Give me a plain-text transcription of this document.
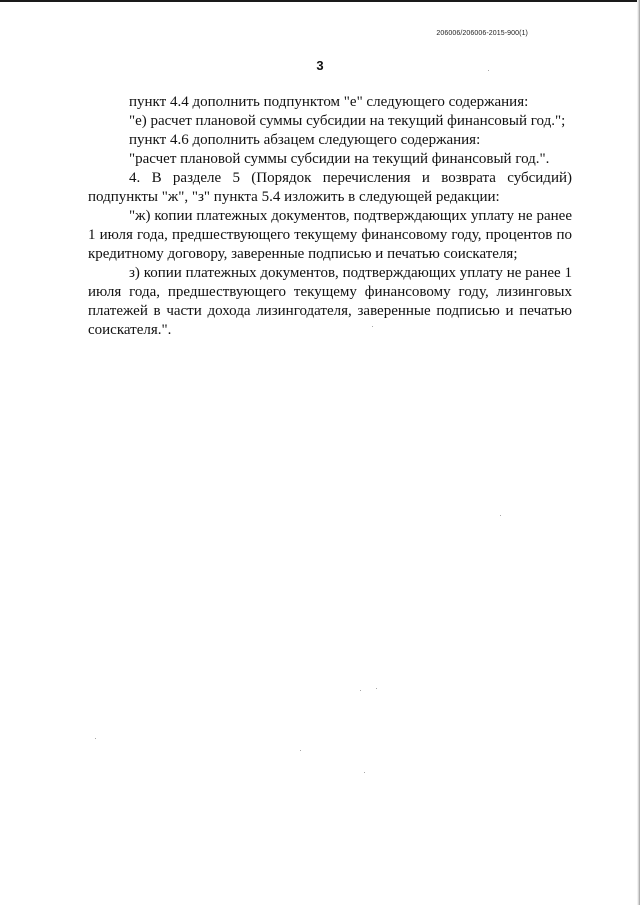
206006/206006-2015-900(1)
3

пункт 4.4 дополнить подпунктом "е" следующего содержания:

"е) расчет плановой суммы субсидии на текущий финансовый год.";

пункт 4.6 дополнить абзацем следующего содержания:

"расчет плановой суммы субсидии на текущий финансовый год.".

4. В разделе 5 (Порядок перечисления и возврата субсидий) подпункты "ж", "з" пункта 5.4 изложить в следующей редакции:

"ж) копии платежных документов, подтверждающих уплату не ранее 1 июля года, предшествующего текущему финансовому году, процентов по кредитному договору, заверенные подписью и печатью соискателя;

з) копии платежных документов, подтверждающих уплату не ранее 1 июля года, предшествующего текущему финансовому году, лизинговых платежей в части дохода лизингодателя, заверенные подписью и печатью соискателя.".
